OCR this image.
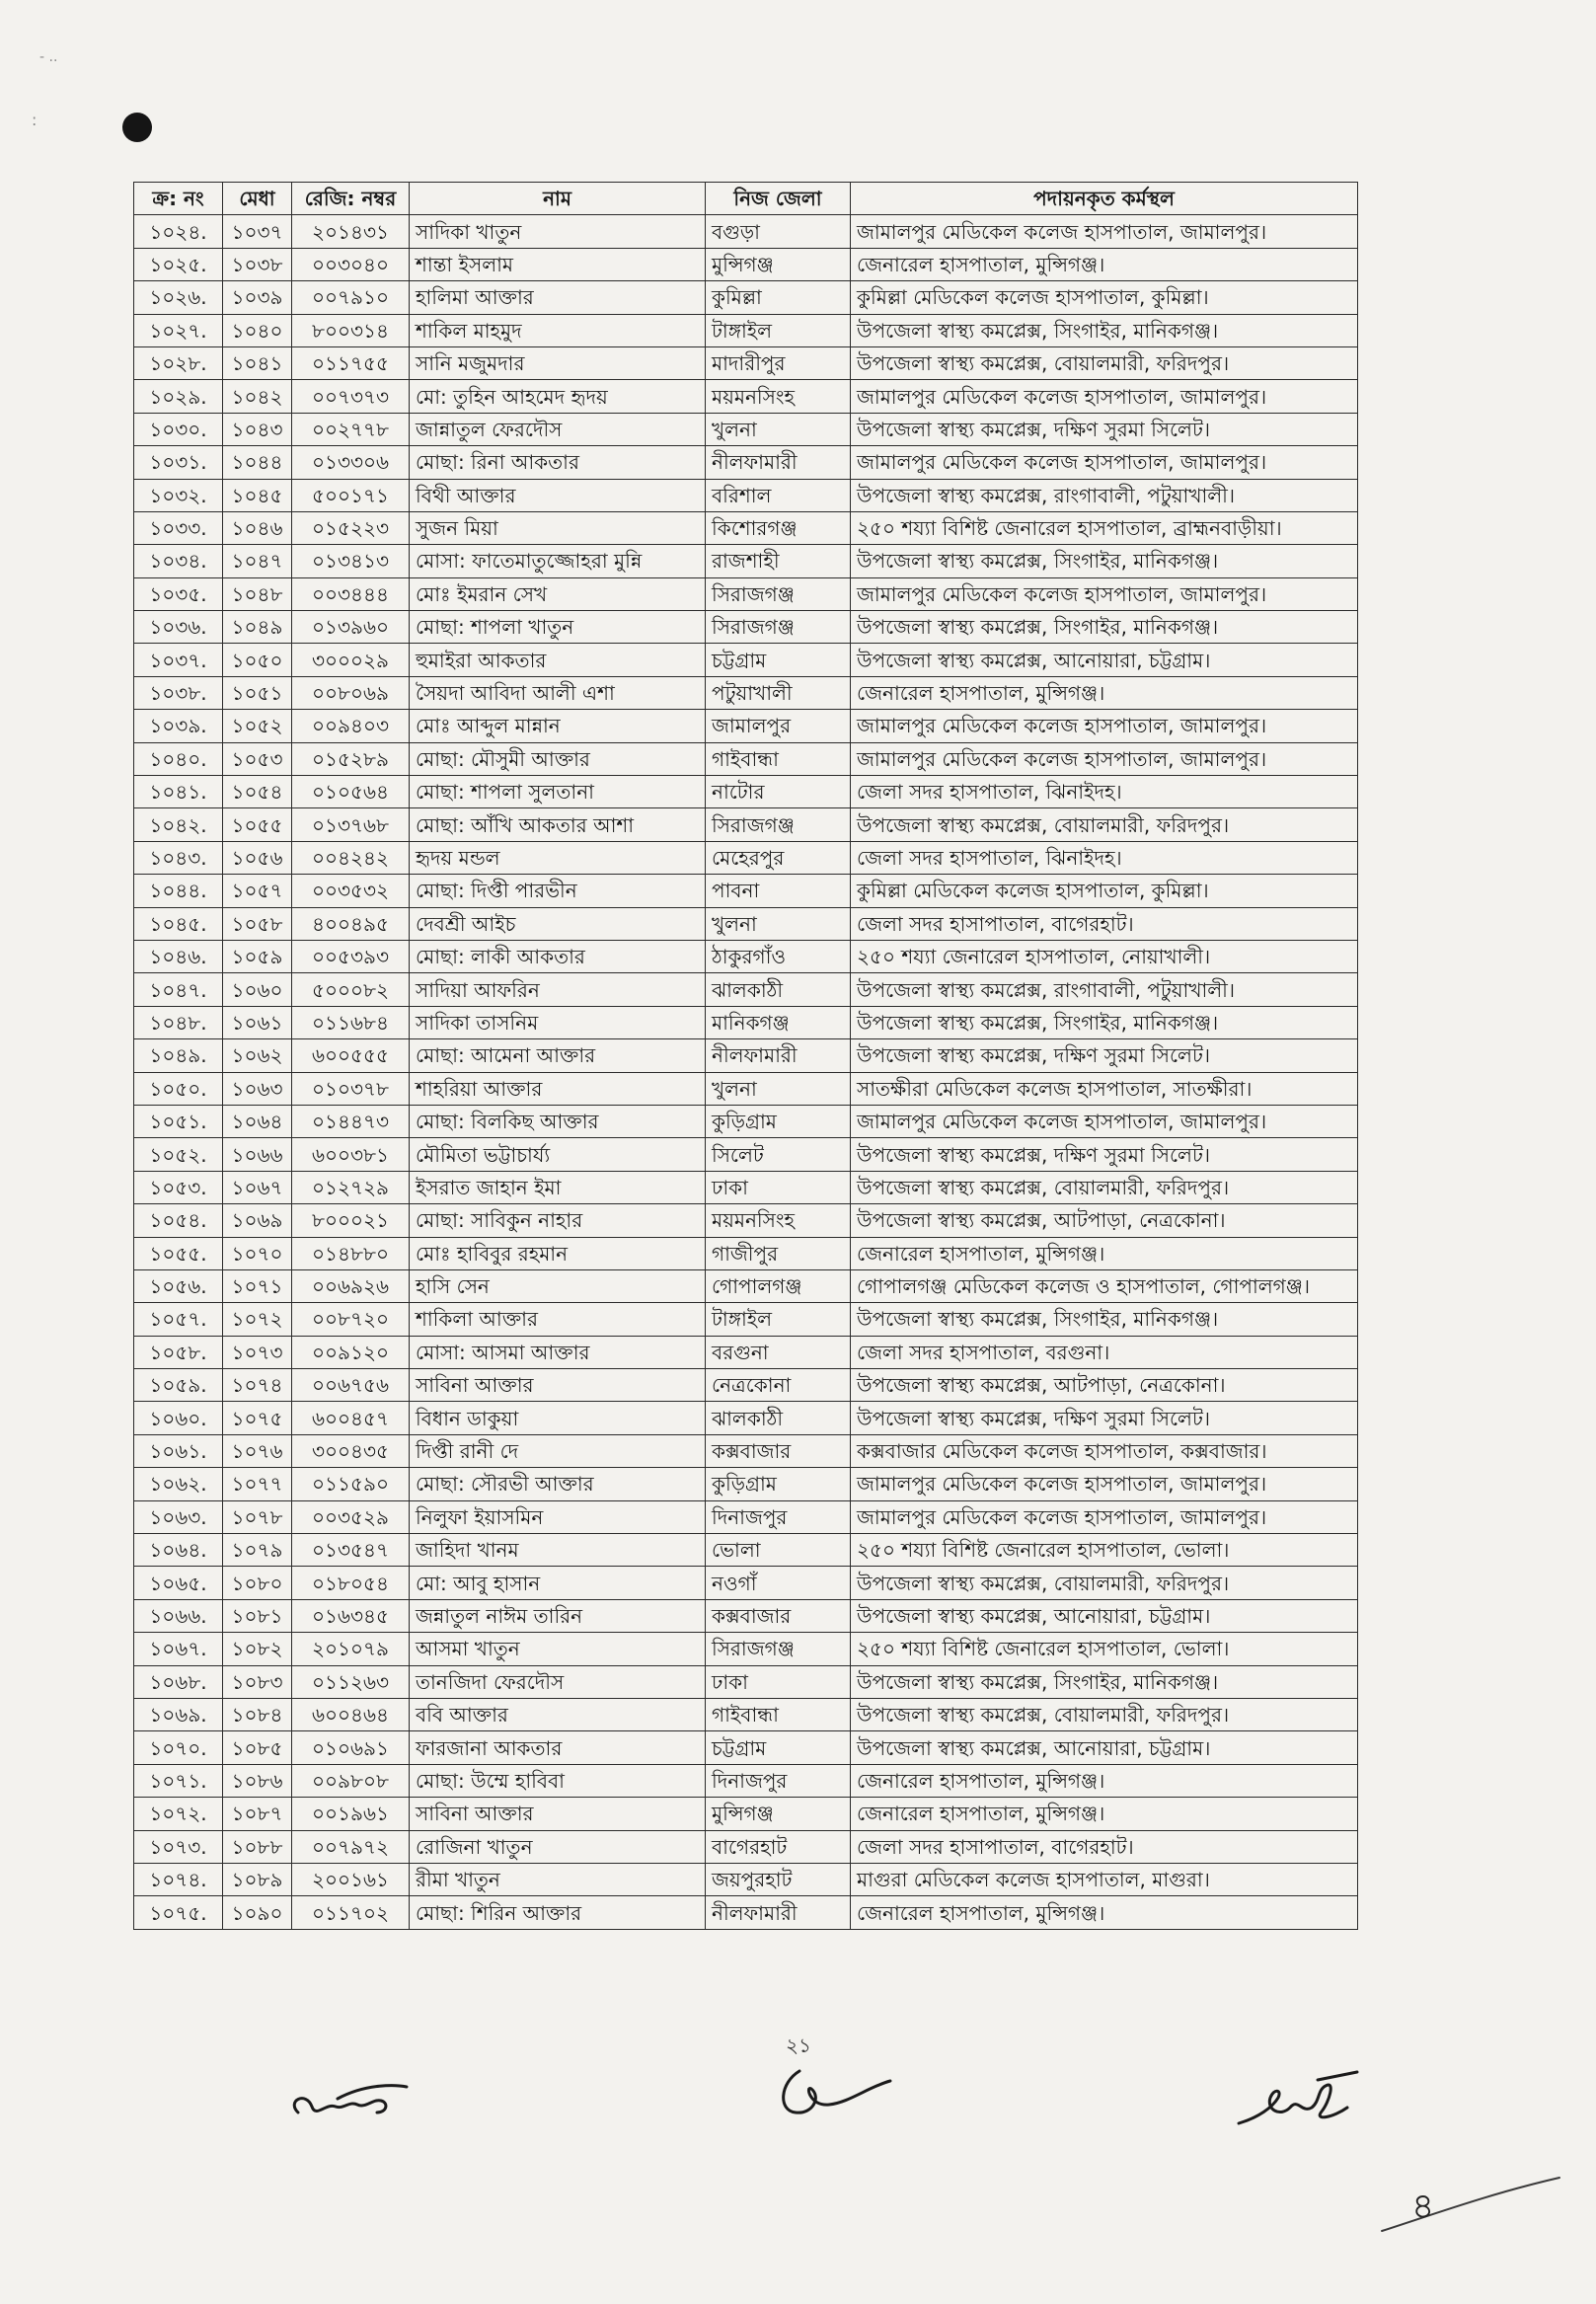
- ..
:
ক্র: নং	মেধা	রেজি: নম্বর	নাম	নিজ জেলা	পদায়নকৃত কর্মস্থল
১০২৪.	১০৩৭	২০১৪৩১	সাদিকা খাতুন	বগুড়া	জামালপুর মেডিকেল কলেজ হাসপাতাল, জামালপুর।
১০২৫.	১০৩৮	০০৩০৪০	শান্তা ইসলাম	মুন্সিগঞ্জ	জেনারেল হাসপাতাল, মুন্সিগঞ্জ।
১০২৬.	১০৩৯	০০৭৯১০	হালিমা আক্তার	কুমিল্লা	কুমিল্লা মেডিকেল কলেজ হাসপাতাল, কুমিল্লা।
১০২৭.	১০৪০	৮০০৩১৪	শাকিল মাহমুদ	টাঙ্গাইল	উপজেলা স্বাস্থ্য কমপ্লেক্স, সিংগাইর, মানিকগঞ্জ।
১০২৮.	১০৪১	০১১৭৫৫	সানি মজুমদার	মাদারীপুর	উপজেলা স্বাস্থ্য কমপ্লেক্স, বোয়ালমারী, ফরিদপুর।
১০২৯.	১০৪২	০০৭৩৭৩	মো: তুহিন আহমেদ হৃদয়	ময়মনসিংহ	জামালপুর মেডিকেল কলেজ হাসপাতাল, জামালপুর।
১০৩০.	১০৪৩	০০২৭৭৮	জান্নাতুল ফেরদৌস	খুলনা	উপজেলা স্বাস্থ্য কমপ্লেক্স, দক্ষিণ সুরমা সিলেট।
১০৩১.	১০৪৪	০১৩৩০৬	মোছা: রিনা আকতার	নীলফামারী	জামালপুর মেডিকেল কলেজ হাসপাতাল, জামালপুর।
১০৩২.	১০৪৫	৫০০১৭১	বিথী আক্তার	বরিশাল	উপজেলা স্বাস্থ্য কমপ্লেক্স, রাংগাবালী, পটুয়াখালী।
১০৩৩.	১০৪৬	০১৫২২৩	সুজন মিয়া	কিশোরগঞ্জ	২৫০ শয্যা বিশিষ্ট জেনারেল হাসপাতাল, ব্রাহ্মনবাড়ীয়া।
১০৩৪.	১০৪৭	০১৩৪১৩	মোসা: ফাতেমাতুজ্জোহরা মুন্নি	রাজশাহী	উপজেলা স্বাস্থ্য কমপ্লেক্স, সিংগাইর, মানিকগঞ্জ।
১০৩৫.	১০৪৮	০০৩৪৪৪	মোঃ ইমরান সেখ	সিরাজগঞ্জ	জামালপুর মেডিকেল কলেজ হাসপাতাল, জামালপুর।
১০৩৬.	১০৪৯	০১৩৯৬০	মোছা: শাপলা খাতুন	সিরাজগঞ্জ	উপজেলা স্বাস্থ্য কমপ্লেক্স, সিংগাইর, মানিকগঞ্জ।
১০৩৭.	১০৫০	৩০০০২৯	হুমাইরা আকতার	চট্টগ্রাম	উপজেলা স্বাস্থ্য কমপ্লেক্স, আনোয়ারা, চট্টগ্রাম।
১০৩৮.	১০৫১	০০৮০৬৯	সৈয়দা আবিদা আলী এশা	পটুয়াখালী	জেনারেল হাসপাতাল, মুন্সিগঞ্জ।
১০৩৯.	১০৫২	০০৯৪০৩	মোঃ আব্দুল মান্নান	জামালপুর	জামালপুর মেডিকেল কলেজ হাসপাতাল, জামালপুর।
১০৪০.	১০৫৩	০১৫২৮৯	মোছা: মৌসুমী আক্তার	গাইবান্ধা	জামালপুর মেডিকেল কলেজ হাসপাতাল, জামালপুর।
১০৪১.	১০৫৪	০১০৫৬৪	মোছা: শাপলা সুলতানা	নাটোর	জেলা সদর হাসপাতাল, ঝিনাইদহ।
১০৪২.	১০৫৫	০১৩৭৬৮	মোছা: আঁখি আকতার আশা	সিরাজগঞ্জ	উপজেলা স্বাস্থ্য কমপ্লেক্স, বোয়ালমারী, ফরিদপুর।
১০৪৩.	১০৫৬	০০৪২৪২	হৃদয় মন্ডল	মেহেরপুর	জেলা সদর হাসপাতাল, ঝিনাইদহ।
১০৪৪.	১০৫৭	০০৩৫৩২	মোছা: দিপ্তী পারভীন	পাবনা	কুমিল্লা মেডিকেল কলেজ হাসপাতাল, কুমিল্লা।
১০৪৫.	১০৫৮	৪০০৪৯৫	দেবশ্রী আইচ	খুলনা	জেলা সদর হাসাপাতাল, বাগেরহাট।
১০৪৬.	১০৫৯	০০৫৩৯৩	মোছা: লাকী আকতার	ঠাকুরগাঁও	২৫০ শয্যা জেনারেল হাসপাতাল, নোয়াখালী।
১০৪৭.	১০৬০	৫০০০৮২	সাদিয়া আফরিন	ঝালকাঠী	উপজেলা স্বাস্থ্য কমপ্লেক্স, রাংগাবালী, পটুয়াখালী।
১০৪৮.	১০৬১	০১১৬৮৪	সাদিকা তাসনিম	মানিকগঞ্জ	উপজেলা স্বাস্থ্য কমপ্লেক্স, সিংগাইর, মানিকগঞ্জ।
১০৪৯.	১০৬২	৬০০৫৫৫	মোছা: আমেনা আক্তার	নীলফামারী	উপজেলা স্বাস্থ্য কমপ্লেক্স, দক্ষিণ সুরমা সিলেট।
১০৫০.	১০৬৩	০১০৩৭৮	শাহরিয়া আক্তার	খুলনা	সাতক্ষীরা মেডিকেল কলেজ হাসপাতাল, সাতক্ষীরা।
১০৫১.	১০৬৪	০১৪৪৭৩	মোছা: বিলকিছ আক্তার	কুড়িগ্রাম	জামালপুর মেডিকেল কলেজ হাসপাতাল, জামালপুর।
১০৫২.	১০৬৬	৬০০৩৮১	মৌমিতা ভট্টাচার্য্য	সিলেট	উপজেলা স্বাস্থ্য কমপ্লেক্স, দক্ষিণ সুরমা সিলেট।
১০৫৩.	১০৬৭	০১২৭২৯	ইসরাত জাহান ইমা	ঢাকা	উপজেলা স্বাস্থ্য কমপ্লেক্স, বোয়ালমারী, ফরিদপুর।
১০৫৪.	১০৬৯	৮০০০২১	মোছা: সাবিকুন নাহার	ময়মনসিংহ	উপজেলা স্বাস্থ্য কমপ্লেক্স, আটপাড়া, নেত্রকোনা।
১০৫৫.	১০৭০	০১৪৮৮০	মোঃ হাবিবুর রহমান	গাজীপুর	জেনারেল হাসপাতাল, মুন্সিগঞ্জ।
১০৫৬.	১০৭১	০০৬৯২৬	হাসি সেন	গোপালগঞ্জ	গোপালগঞ্জ মেডিকেল কলেজ ও হাসপাতাল, গোপালগঞ্জ।
১০৫৭.	১০৭২	০০৮৭২০	শাকিলা আক্তার	টাঙ্গাইল	উপজেলা স্বাস্থ্য কমপ্লেক্স, সিংগাইর, মানিকগঞ্জ।
১০৫৮.	১০৭৩	০০৯১২০	মোসা: আসমা আক্তার	বরগুনা	জেলা সদর হাসপাতাল, বরগুনা।
১০৫৯.	১০৭৪	০০৬৭৫৬	সাবিনা আক্তার	নেত্রকোনা	উপজেলা স্বাস্থ্য কমপ্লেক্স, আটপাড়া, নেত্রকোনা।
১০৬০.	১০৭৫	৬০০৪৫৭	বিধান ডাকুয়া	ঝালকাঠী	উপজেলা স্বাস্থ্য কমপ্লেক্স, দক্ষিণ সুরমা সিলেট।
১০৬১.	১০৭৬	৩০০৪৩৫	দিপ্তী রানী দে	কক্সবাজার	কক্সবাজার মেডিকেল কলেজ হাসপাতাল, কক্সবাজার।
১০৬২.	১০৭৭	০১১৫৯০	মোছা: সৌরভী আক্তার	কুড়িগ্রাম	জামালপুর মেডিকেল কলেজ হাসপাতাল, জামালপুর।
১০৬৩.	১০৭৮	০০৩৫২৯	নিলুফা ইয়াসমিন	দিনাজপুর	জামালপুর মেডিকেল কলেজ হাসপাতাল, জামালপুর।
১০৬৪.	১০৭৯	০১৩৫৪৭	জাহিদা খানম	ভোলা	২৫০ শয্যা বিশিষ্ট জেনারেল হাসপাতাল, ভোলা।
১০৬৫.	১০৮০	০১৮০৫৪	মো: আবু হাসান	নওগাঁ	উপজেলা স্বাস্থ্য কমপ্লেক্স, বোয়ালমারী, ফরিদপুর।
১০৬৬.	১০৮১	০১৬৩৪৫	জন্নাতুল নাঈম তারিন	কক্সবাজার	উপজেলা স্বাস্থ্য কমপ্লেক্স, আনোয়ারা, চট্টগ্রাম।
১০৬৭.	১০৮২	২০১০৭৯	আসমা খাতুন	সিরাজগঞ্জ	২৫০ শয্যা বিশিষ্ট জেনারেল হাসপাতাল, ভোলা।
১০৬৮.	১০৮৩	০১১২৬৩	তানজিদা ফেরদৌস	ঢাকা	উপজেলা স্বাস্থ্য কমপ্লেক্স, সিংগাইর, মানিকগঞ্জ।
১০৬৯.	১০৮৪	৬০০৪৬৪	ববি আক্তার	গাইবান্ধা	উপজেলা স্বাস্থ্য কমপ্লেক্স, বোয়ালমারী, ফরিদপুর।
১০৭০.	১০৮৫	০১০৬৯১	ফারজানা আকতার	চট্টগ্রাম	উপজেলা স্বাস্থ্য কমপ্লেক্স, আনোয়ারা, চট্টগ্রাম।
১০৭১.	১০৮৬	০০৯৮০৮	মোছা: উম্মে হাবিবা	দিনাজপুর	জেনারেল হাসপাতাল, মুন্সিগঞ্জ।
১০৭২.	১০৮৭	০০১৯৬১	সাবিনা আক্তার	মুন্সিগঞ্জ	জেনারেল হাসপাতাল, মুন্সিগঞ্জ।
১০৭৩.	১০৮৮	০০৭৯৭২	রোজিনা খাতুন	বাগেরহাট	জেলা সদর হাসাপাতাল, বাগেরহাট।
১০৭৪.	১০৮৯	২০০১৬১	রীমা খাতুন	জয়পুরহাট	মাগুরা মেডিকেল কলেজ হাসপাতাল, মাগুরা।
১০৭৫.	১০৯০	০১১৭০২	মোছা: শিরিন আক্তার	নীলফামারী	জেনারেল হাসপাতাল, মুন্সিগঞ্জ।
২১
৪
